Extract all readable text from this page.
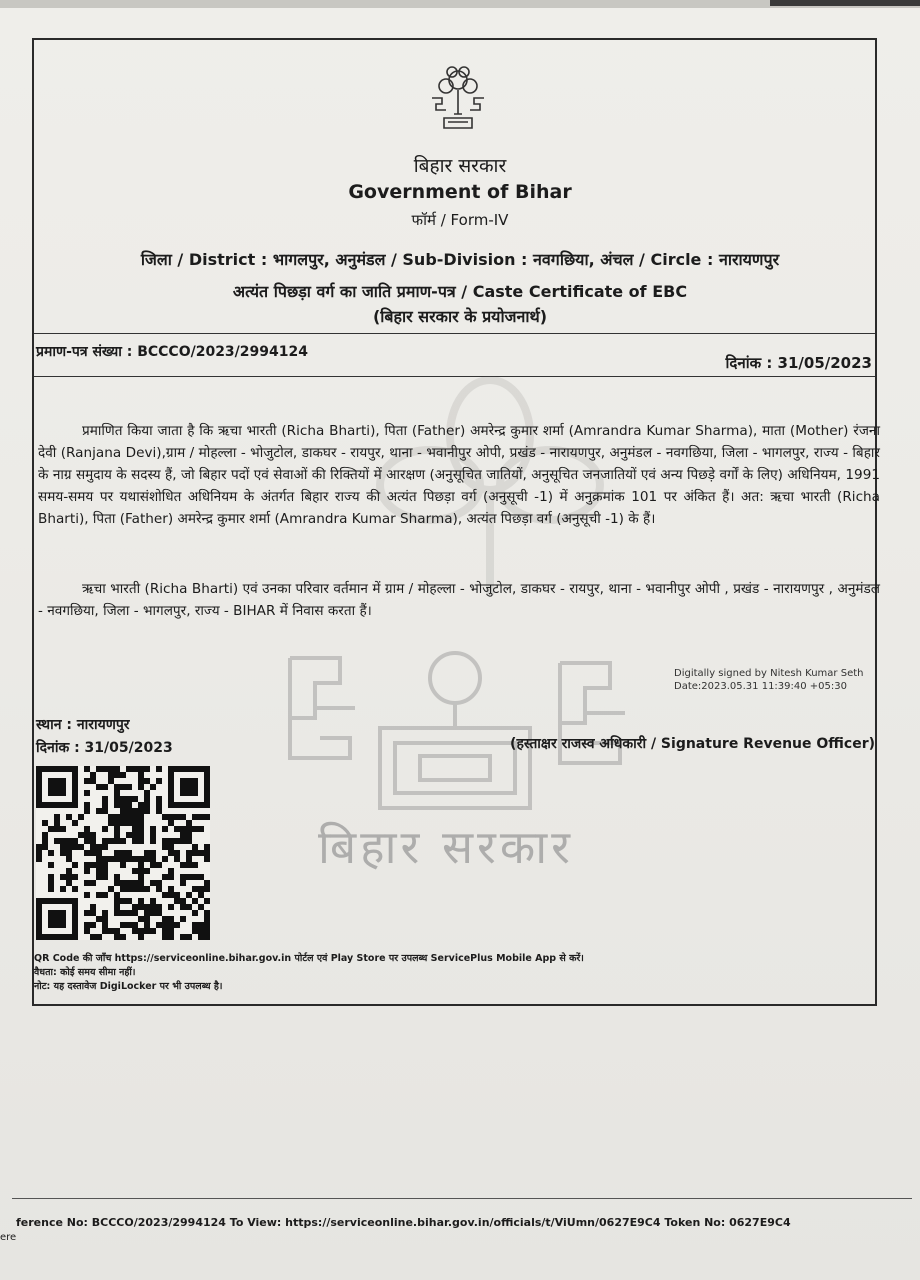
बिहार सरकार
Government of Bihar
फॉर्म / Form-IV
जिला / District : भागलपुर, अनुमंडल / Sub-Division : नवगछिया, अंचल / Circle : नारायणपुर
अत्यंत पिछड़ा वर्ग का जाति प्रमाण-पत्र / Caste Certificate of EBC
(बिहार सरकार के प्रयोजनार्थ)
प्रमाण-पत्र संख्या : BCCCO/2023/2994124
दिनांक : 31/05/2023
प्रमाणित किया जाता है कि ऋचा भारती (Richa Bharti), पिता (Father) अमरेन्द्र कुमार शर्मा (Amrandra Kumar Sharma), माता (Mother) रंजना देवी (Ranjana Devi),ग्राम / मोहल्ला - भोजुटोल, डाकघर - रायपुर, थाना - भवानीपुर ओपी, प्रखंड - नारायणपुर, अनुमंडल - नवगछिया, जिला - भागलपुर, राज्य - बिहार के नाग्र समुदाय के सदस्य हैं, जो बिहार पदों एवं सेवाओं की रिक्तियों में आरक्षण (अनुसूचित जातियों, अनुसूचित जनजातियों एवं अन्य पिछड़े वर्गों के लिए) अधिनियम, 1991 समय-समय पर यथासंशोधित अधिनियम के अंतर्गत बिहार राज्य की अत्यंत पिछड़ा वर्ग (अनुसूची -1) में अनुक्रमांक 101 पर अंकित हैं। अत: ऋचा भारती (Richa Bharti), पिता (Father) अमरेन्द्र कुमार शर्मा (Amrandra Kumar Sharma), अत्यंत पिछड़ा वर्ग (अनुसूची -1) के हैं।
ऋचा भारती (Richa Bharti) एवं उनका परिवार वर्तमान में ग्राम / मोहल्ला - भोजुटोल, डाकघर - रायपुर, थाना - भवानीपुर ओपी , प्रखंड - नारायणपुर , अनुमंडल - नवगछिया, जिला - भागलपुर, राज्य - BIHAR में निवास करता हैं।
बिहार सरकार
Digitally signed by Nitesh Kumar Seth
Date:2023.05.31 11:39:40 +05:30
स्थान : नारायणपुर
दिनांक : 31/05/2023	(हस्ताक्षर राजस्व अधिकारी / Signature Revenue Officer)
QR Code की जाँच https://serviceonline.bihar.gov.in पोर्टल एवं Play Store पर उपलब्ध ServicePlus Mobile App से करें।
वैधता: कोई समय सीमा नहीं।
नोट: यह दस्तावेज DigiLocker पर भी उपलब्ध है।
ference No: BCCCO/2023/2994124 To View: https://serviceonline.bihar.gov.in/officials/t/ViUmn/0627E9C4 Token No: 0627E9C4
ere
